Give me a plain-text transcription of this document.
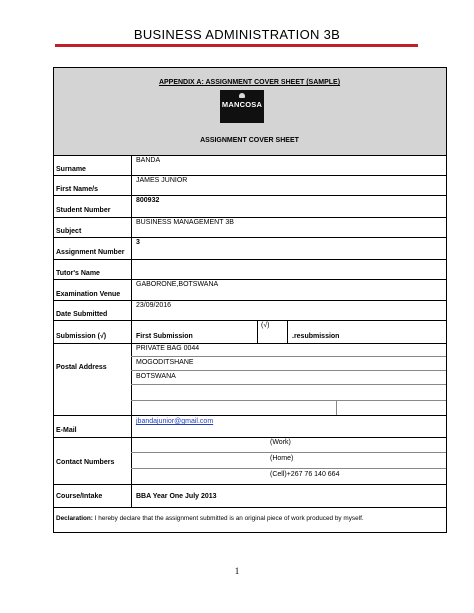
BUSINESS ADMINISTRATION 3B
APPENDIX A: ASSIGNMENT COVER SHEET (SAMPLE)
MANCOSA
MANAGEMENT COLLEGE OF SOUTHERN AFRICA
ASSIGNMENT COVER SHEET
Surname
First Name/s
Student Number
Subject
Assignment Number
Tutor's Name
Examination Venue
Date Submitted
Submission (√)
Postal Address
E-Mail
Contact Numbers
Course/Intake
BANDA
JAMES JUNIOR
800932
BUSINESS MANAGEMENT 3B
3
GABORONE,BOTSWANA
23/09/2016
First Submission
(√)
.resubmission
PRIVATE BAG 0044
MOGODITSHANE
BOTSWANA
jbandajunior@gmail.com
(Work)
(Home)
(Cell)+267 76 140 664
BBA Year One July 2013
Declaration: I hereby declare that the assignment submitted is an original piece of work produced by myself.
1
